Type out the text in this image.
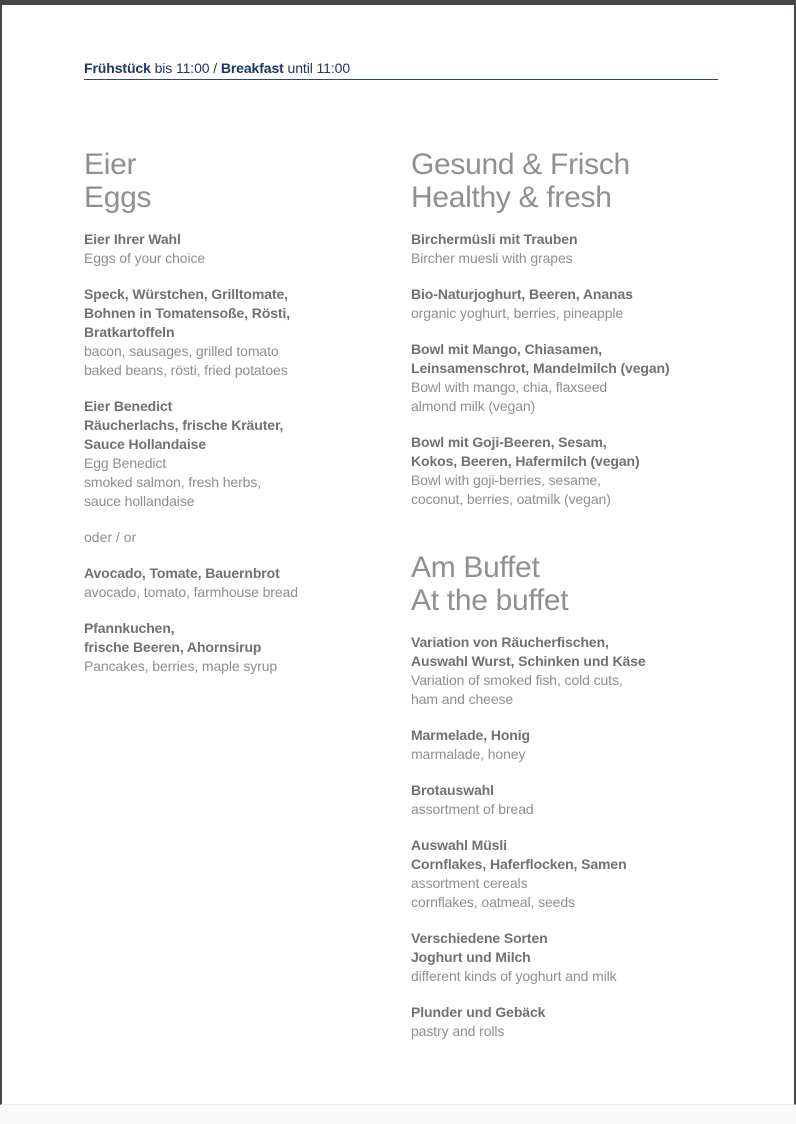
Frühstück bis 11:00 / Breakfast until 11:00
Eier
Eggs
Eier Ihrer Wahl
Eggs of your choice
Speck, Würstchen, Grilltomate,
Bohnen in Tomatensoße, Rösti,
Bratkartoffeln
bacon, sausages, grilled tomato
baked beans, rösti, fried potatoes
Eier Benedict
Räucherlachs, frische Kräuter,
Sauce Hollandaise
Egg Benedict
smoked salmon, fresh herbs,
sauce hollandaise
oder / or
Avocado, Tomate, Bauernbrot
avocado, tomato, farmhouse bread
Pfannkuchen,
frische Beeren, Ahornsirup
Pancakes, berries, maple syrup
Gesund & Frisch
Healthy & fresh
Birchermüsli mit Trauben
Bircher muesli with grapes
Bio-Naturjoghurt, Beeren, Ananas
organic yoghurt, berries, pineapple
Bowl mit Mango, Chiasamen,
Leinsamenschrot, Mandelmilch (vegan)
Bowl with mango, chia, flaxseed
almond milk (vegan)
Bowl mit Goji-Beeren, Sesam,
Kokos, Beeren, Hafermilch (vegan)
Bowl with goji-berries, sesame,
coconut, berries, oatmilk (vegan)
Am Buffet
At the buffet
Variation von Räucherfischen,
Auswahl Wurst, Schinken und Käse
Variation of smoked fish, cold cuts,
ham and cheese
Marmelade, Honig
marmalade, honey
Brotauswahl
assortment of bread
Auswahl Müsli
Cornflakes, Haferflocken, Samen
assortment cereals
cornflakes, oatmeal, seeds
Verschiedene Sorten
Joghurt und Milch
different kinds of yoghurt and milk
Plunder und Gebäck
pastry and rolls
